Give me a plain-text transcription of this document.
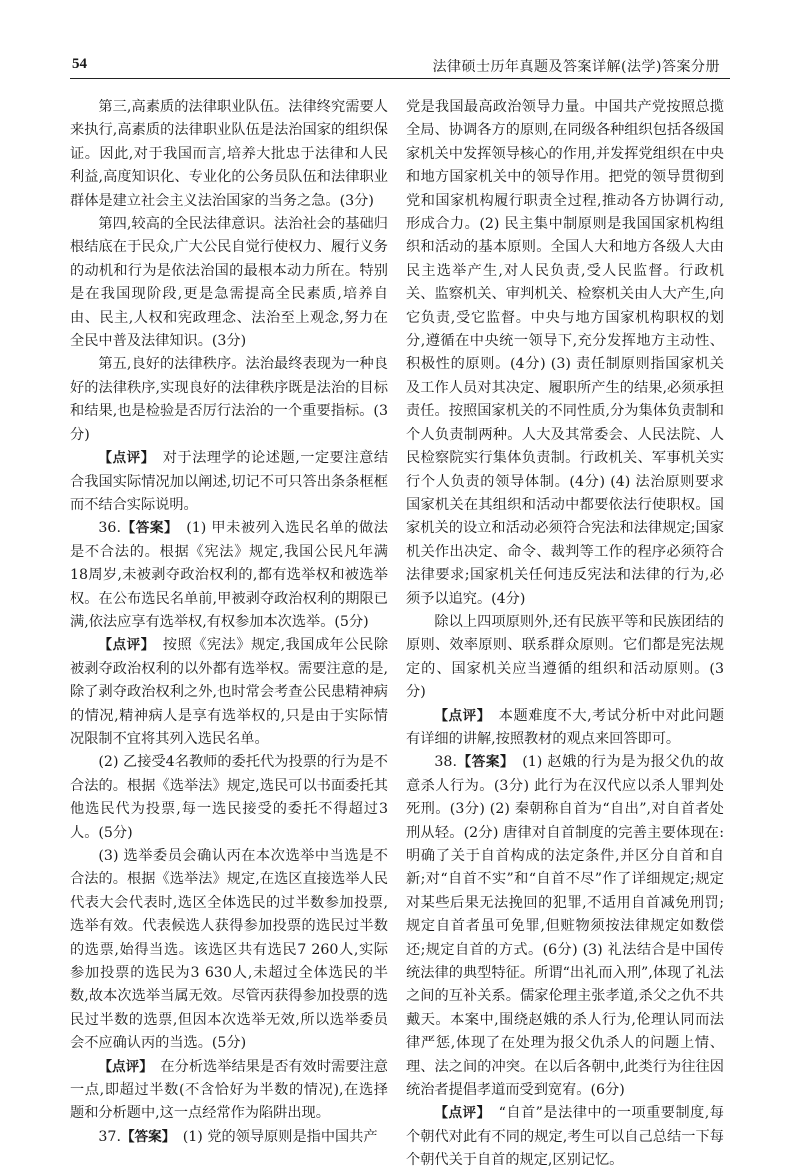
54	法律硕士历年真题及答案详解(法学)答案分册

第三,高素质的法律职业队伍。法律终究需要人来执行,高素质的法律职业队伍是法治国家的组织保证。因此,对于我国而言,培养大批忠于法律和人民利益,高度知识化、专业化的公务员队伍和法律职业群体是建立社会主义法治国家的当务之急。(3分)

第四,较高的全民法律意识。法治社会的基础归根结底在于民众,广大公民自觉行使权力、履行义务的动机和行为是依法治国的最根本动力所在。特别是在我国现阶段,更是急需提高全民素质,培养自由、民主,人权和宪政理念、法治至上观念,努力在全民中普及法律知识。(3分)

第五,良好的法律秩序。法治最终表现为一种良好的法律秩序,实现良好的法律秩序既是法治的目标和结果,也是检验是否厉行法治的一个重要指标。(3分)

【点评】　对于法理学的论述题,一定要注意结合我国实际情况加以阐述,切记不可只答出条条框框而不结合实际说明。

36.【答案】　(1) 甲未被列入选民名单的做法是不合法的。根据《宪法》规定,我国公民凡年满18周岁,未被剥夺政治权利的,都有选举权和被选举权。在公布选民名单前,甲被剥夺政治权利的期限已满,依法应享有选举权,有权参加本次选举。(5分)

【点评】　按照《宪法》规定,我国成年公民除被剥夺政治权利的以外都有选举权。需要注意的是,除了剥夺政治权利之外,也时常会考查公民患精神病的情况,精神病人是享有选举权的,只是由于实际情况限制不宜将其列入选民名单。

(2) 乙接受4名教师的委托代为投票的行为是不合法的。根据《选举法》规定,选民可以书面委托其他选民代为投票,每一选民接受的委托不得超过3人。(5分)

(3) 选举委员会确认丙在本次选举中当选是不合法的。根据《选举法》规定,在选区直接选举人民代表大会代表时,选区全体选民的过半数参加投票,选举有效。代表候选人获得参加投票的选民过半数的选票,始得当选。该选区共有选民7 260人,实际参加投票的选民为3 630人,未超过全体选民的半数,故本次选举当属无效。尽管丙获得参加投票的选民过半数的选票,但因本次选举无效,所以选举委员会不应确认丙的当选。(5分)

【点评】　在分析选举结果是否有效时需要注意一点,即超过半数(不含恰好为半数的情况),在选择题和分析题中,这一点经常作为陷阱出现。

37.【答案】　(1) 党的领导原则是指中国共产

党是我国最高政治领导力量。中国共产党按照总揽全局、协调各方的原则,在同级各种组织包括各级国家机关中发挥领导核心的作用,并发挥党组织在中央和地方国家机关中的领导作用。把党的领导贯彻到党和国家机构履行职责全过程,推动各方协调行动,形成合力。(2) 民主集中制原则是我国国家机构组织和活动的基本原则。全国人大和地方各级人大由民主选举产生,对人民负责,受人民监督。行政机关、监察机关、审判机关、检察机关由人大产生,向它负责,受它监督。中央与地方国家机构职权的划分,遵循在中央统一领导下,充分发挥地方主动性、积极性的原则。(4分) (3) 责任制原则指国家机关及工作人员对其决定、履职所产生的结果,必须承担责任。按照国家机关的不同性质,分为集体负责制和个人负责制两种。人大及其常委会、人民法院、人民检察院实行集体负责制。行政机关、军事机关实行个人负责的领导体制。(4分) (4) 法治原则要求国家机关在其组织和活动中都要依法行使职权。国家机关的设立和活动必须符合宪法和法律规定;国家机关作出决定、命令、裁判等工作的程序必须符合法律要求;国家机关任何违反宪法和法律的行为,必须予以追究。(4分)

除以上四项原则外,还有民族平等和民族团结的原则、效率原则、联系群众原则。它们都是宪法规定的、国家机关应当遵循的组织和活动原则。(3分)

【点评】　本题难度不大,考试分析中对此问题有详细的讲解,按照教材的观点来回答即可。

38.【答案】　(1) 赵娥的行为是为报父仇的故意杀人行为。(3分) 此行为在汉代应以杀人罪判处死刑。(3分) (2) 秦朝称自首为“自出”,对自首者处刑从轻。(2分) 唐律对自首制度的完善主要体现在:明确了关于自首构成的法定条件,并区分自首和自新;对“自首不实”和“自首不尽”作了详细规定;规定对某些后果无法挽回的犯罪,不适用自首减免刑罚;规定自首者虽可免罪,但赃物须按法律规定如数偿还;规定自首的方式。(6分) (3) 礼法结合是中国传统法律的典型特征。所谓“出礼而入刑”,体现了礼法之间的互补关系。儒家伦理主张孝道,杀父之仇不共戴天。本案中,围绕赵娥的杀人行为,伦理认同而法律严惩,体现了在处理为报父仇杀人的问题上情、理、法之间的冲突。在以后各朝中,此类行为往往因统治者提倡孝道而受到宽宥。(6分)

【点评】　“自首”是法律中的一项重要制度,每个朝代对此有不同的规定,考生可以自己总结一下每个朝代关于自首的规定,区别记忆。
